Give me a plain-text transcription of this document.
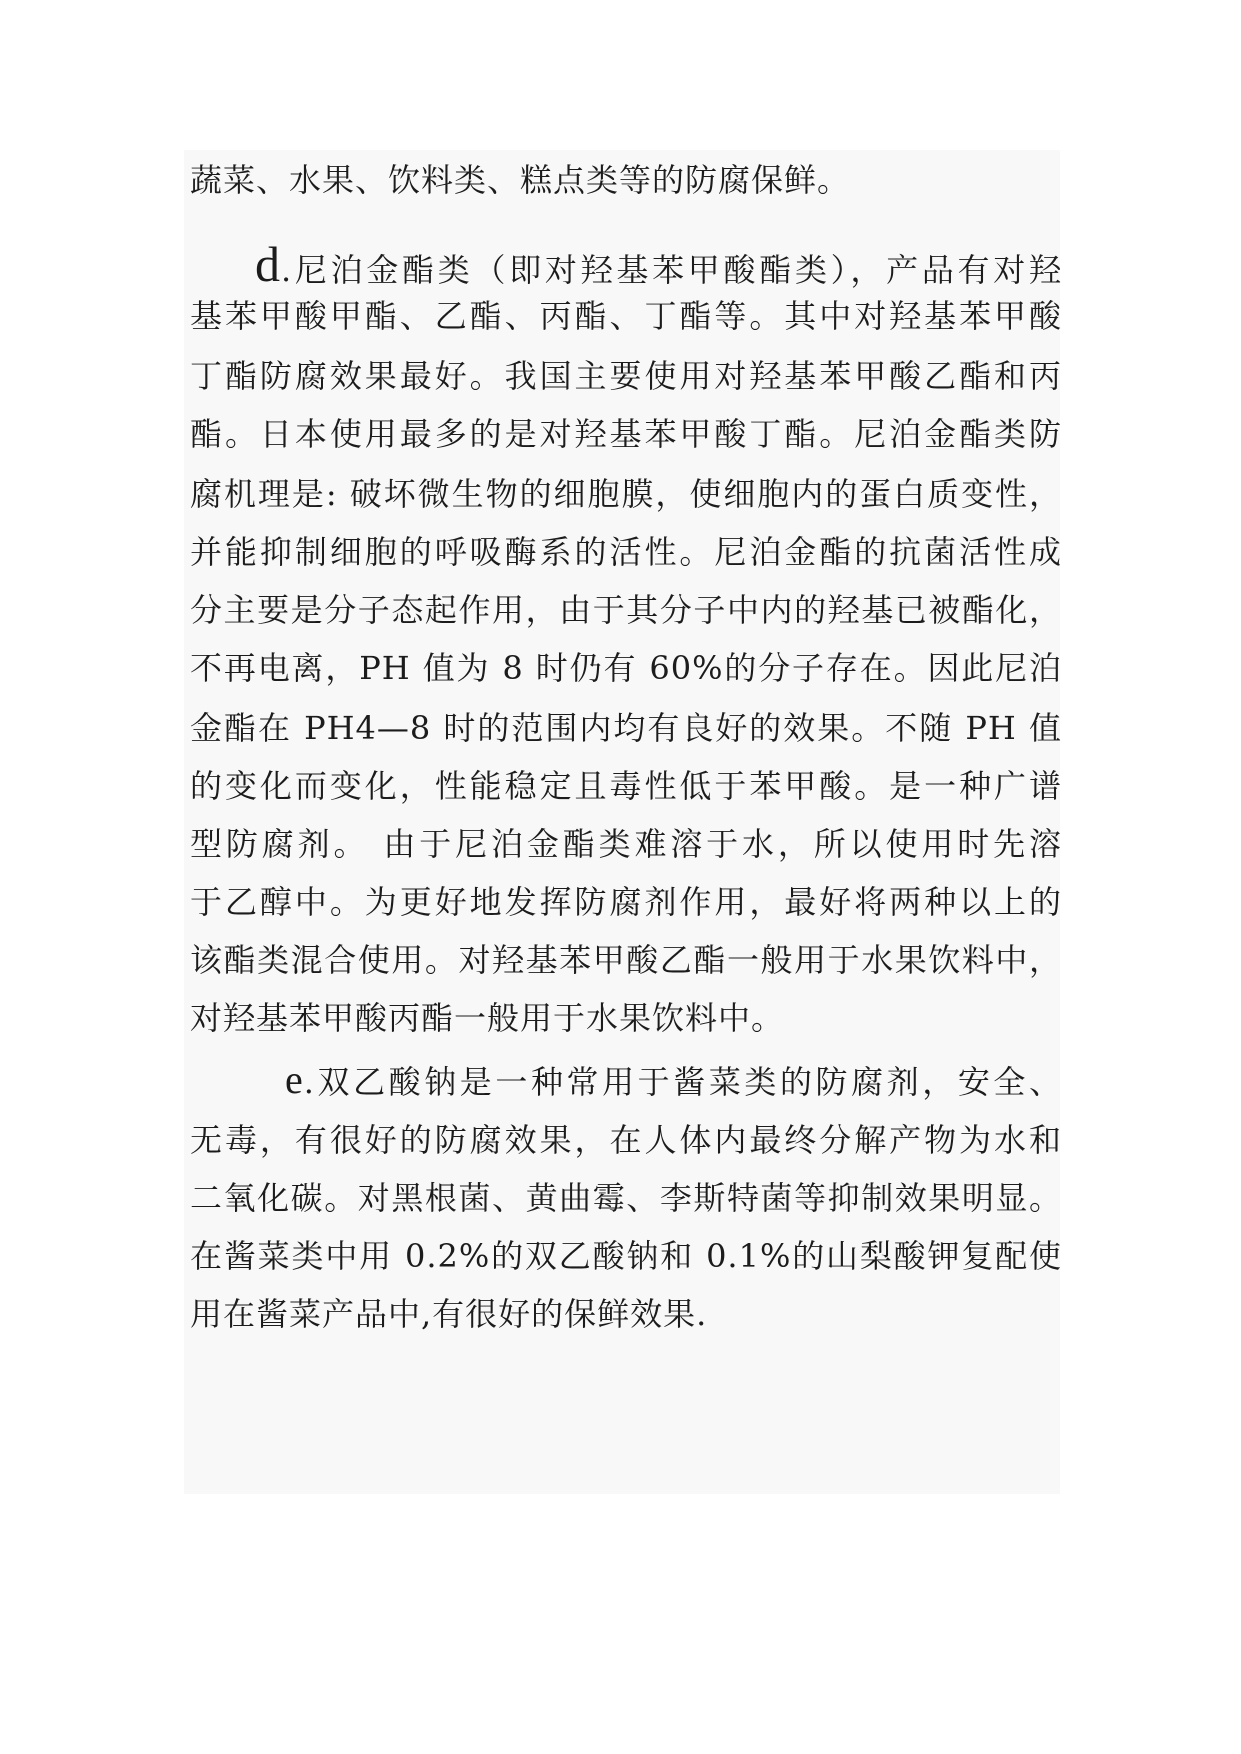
蔬菜、水果、饮料类、糕点类等的防腐保鲜。
d.尼泊金酯类（即对羟基苯甲酸酯类），产品有对羟
基苯甲酸甲酯、乙酯、丙酯、丁酯等。其中对羟基苯甲酸
丁酯防腐效果最好。我国主要使用对羟基苯甲酸乙酯和丙
酯。日本使用最多的是对羟基苯甲酸丁酯。尼泊金酯类防
腐机理是: 破坏微生物的细胞膜，使细胞内的蛋白质变性，
并能抑制细胞的呼吸酶系的活性。尼泊金酯的抗菌活性成
分主要是分子态起作用，由于其分子中内的羟基已被酯化，
不再电离，PH 值为 8 时仍有 60%的分子存在。因此尼泊
金酯在 PH4—8 时的范围内均有良好的效果。不随 PH 值
的变化而变化，性能稳定且毒性低于苯甲酸。是一种广谱
型防腐剂。 由于尼泊金酯类难溶于水，所以使用时先溶
于乙醇中。为更好地发挥防腐剂作用，最好将两种以上的
该酯类混合使用。对羟基苯甲酸乙酯一般用于水果饮料中，
对羟基苯甲酸丙酯一般用于水果饮料中。
e.双乙酸钠是一种常用于酱菜类的防腐剂，安全、
无毒，有很好的防腐效果，在人体内最终分解产物为水和
二氧化碳。对黑根菌、黄曲霉、李斯特菌等抑制效果明显。
在酱菜类中用 0.2%的双乙酸钠和 0.1%的山梨酸钾复配使
用在酱菜产品中,有很好的保鲜效果.
